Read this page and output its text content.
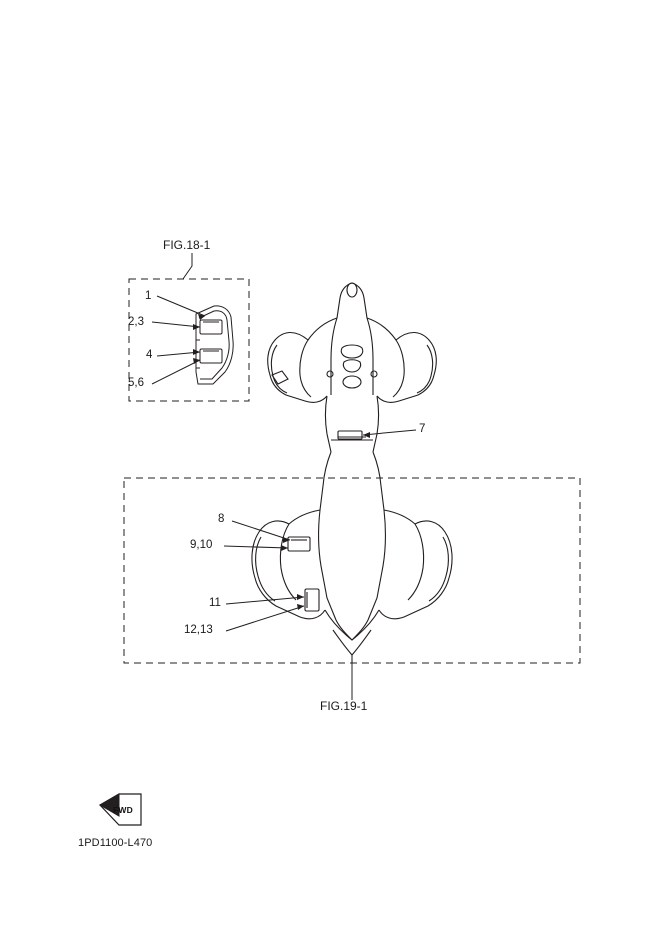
FIG.18-1
FIG.19-1
1
2,3
4
5,6
7
8
9,10
11
12,13
FWD
1PD1100-L470
